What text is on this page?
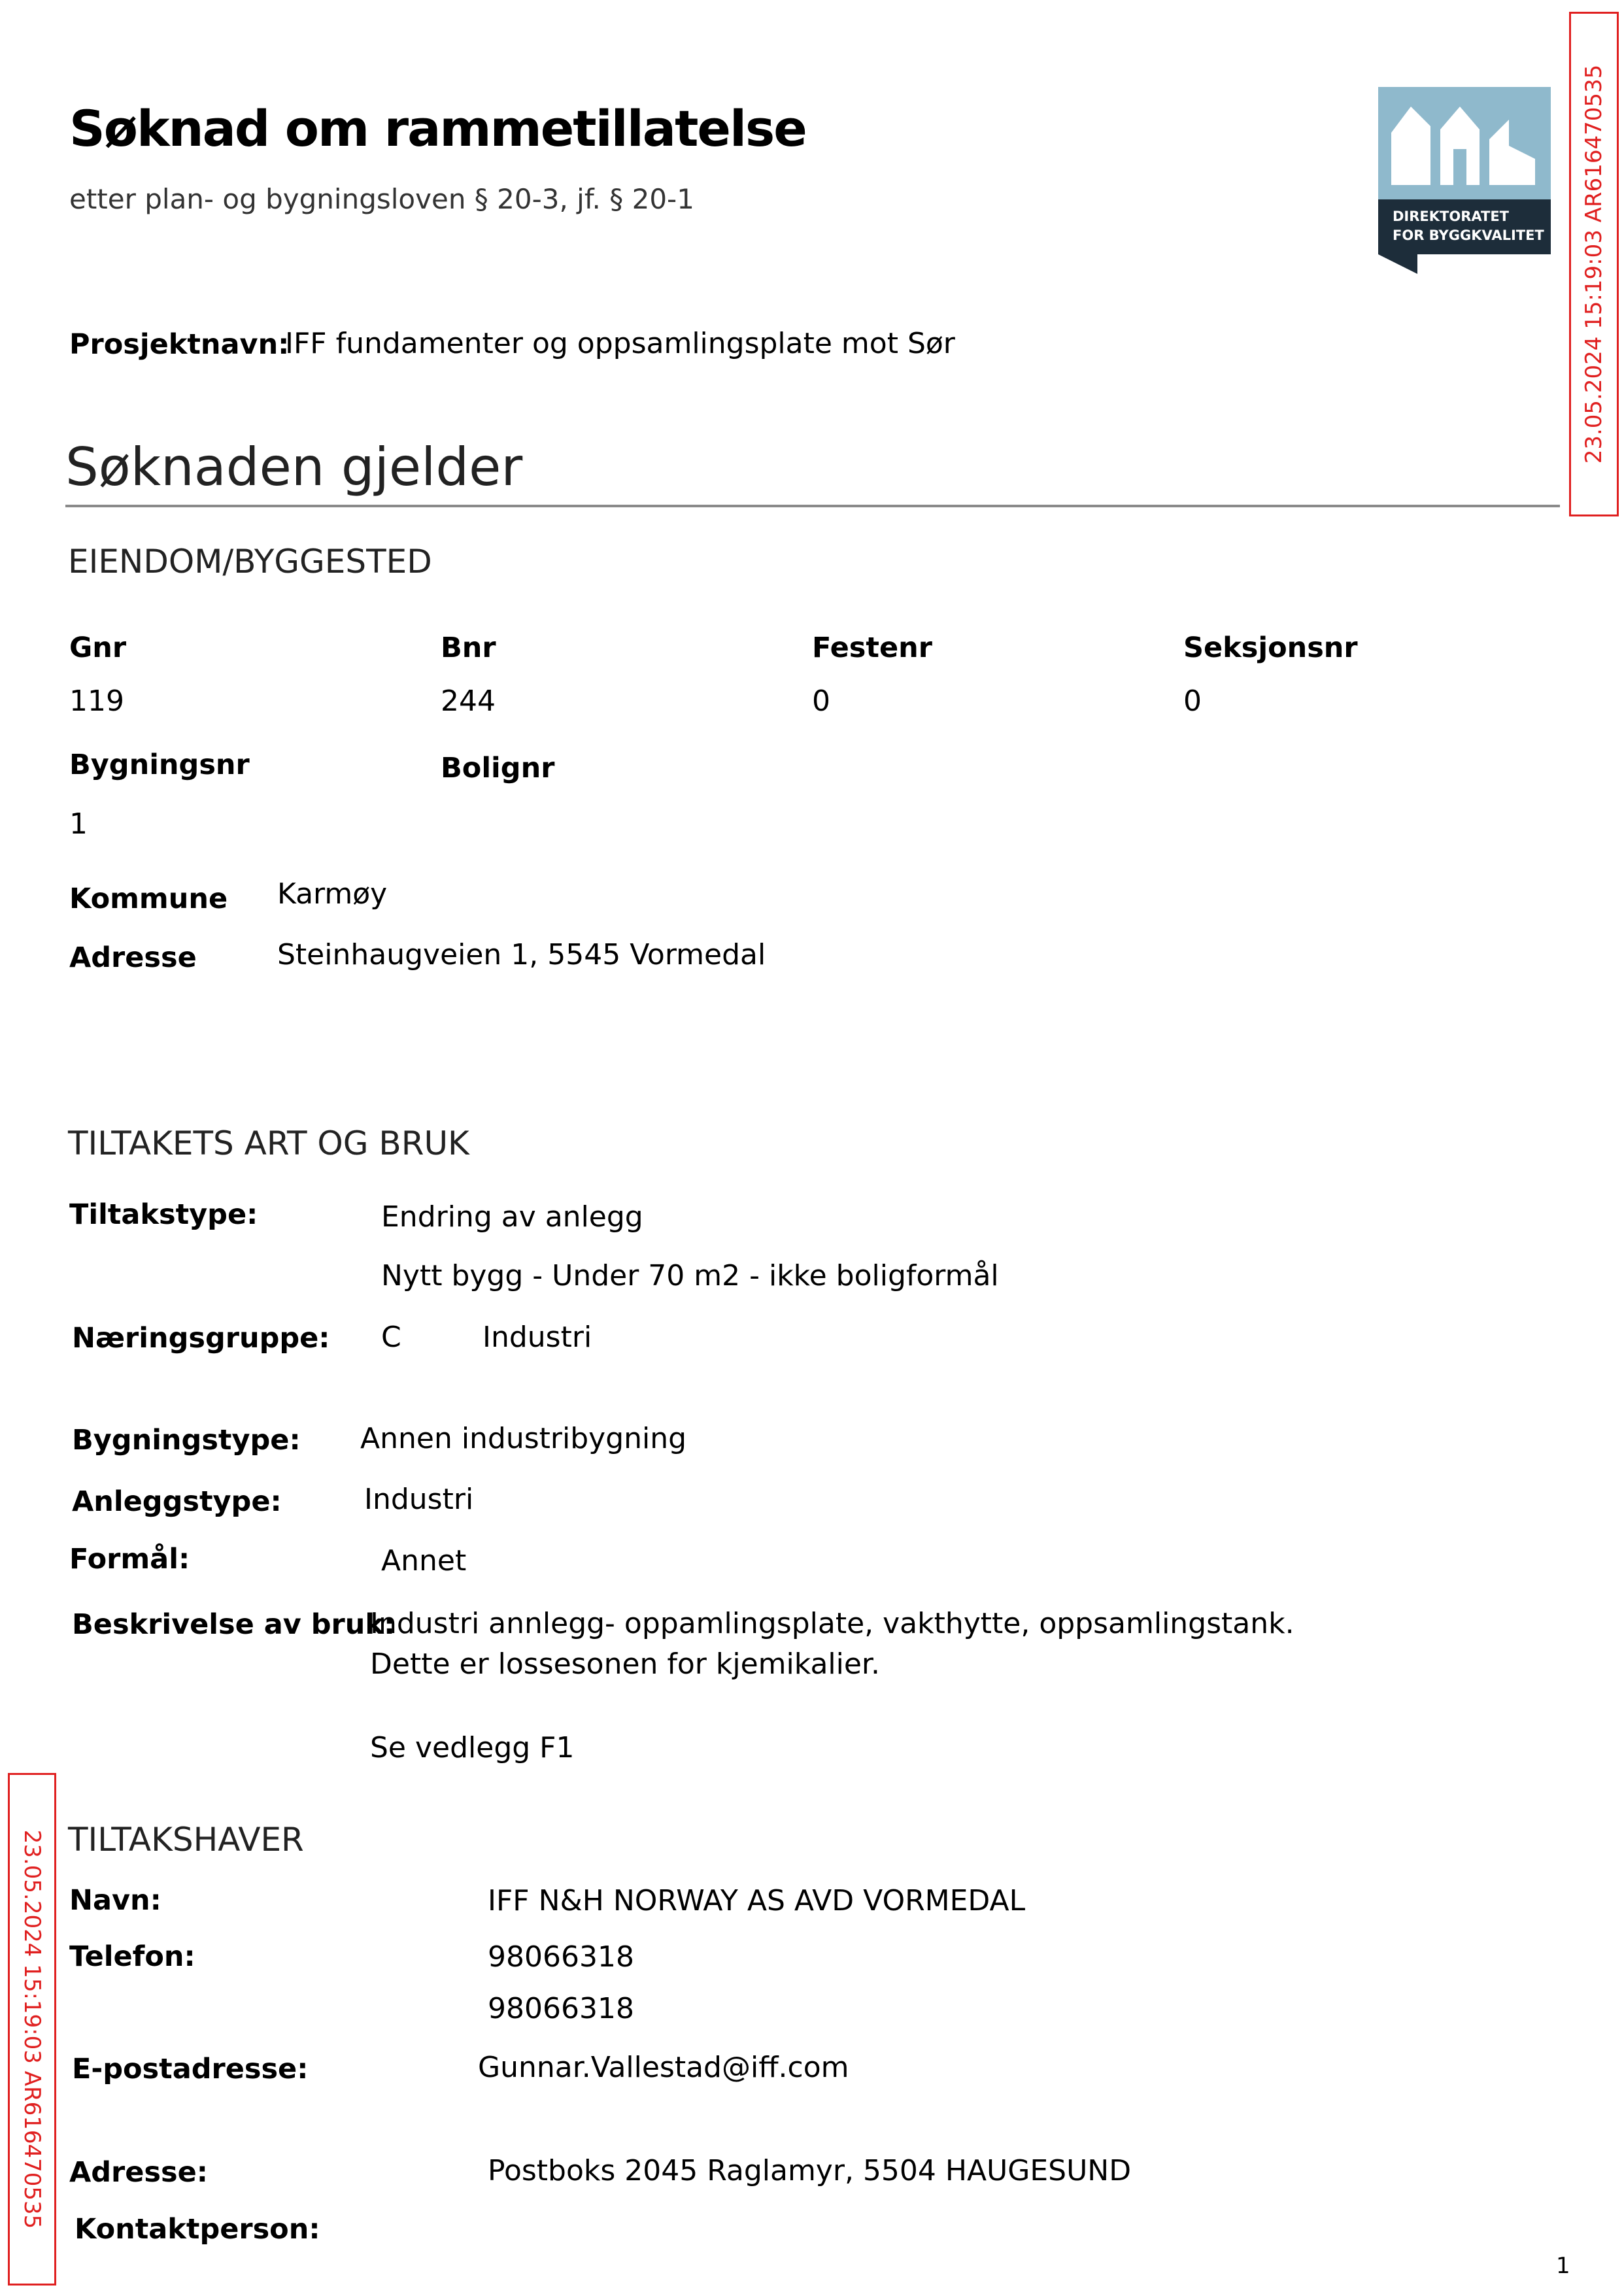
Søknad om rammetillatelse
etter plan- og bygningsloven § 20-3, jf. § 20-1
DIREKTORATET
FOR BYGGKVALITET
Prosjektnavn:
IFF fundamenter og oppsamlingsplate mot Sør
Søknaden gjelder
EIENDOM/BYGGESTED
Gnr
119
Bnr
244
Festenr
0
Seksjonsnr
0
Bygningsnr
1
Bolignr
Kommune Karmøy
Adresse	Steinhaugveien 1, 5545 Vormedal
TILTAKETS ART OG BRUK
Tiltakstype:	Endring av anlegg
Nytt bygg - Under 70 m2 - ikke boligformål
Næringsgruppe: C	Industri
Bygningstype: Annen industribygning
Anleggstype:	Industri
Formål:	Annet
Beskrivelse av bruk:
Industri annlegg- oppamlingsplate, vakthytte, oppsamlingstank.
Dette er lossesonen for kjemikalier.
Se vedlegg F1
TILTAKSHAVER
Navn:	IFF N&H NORWAY AS AVD VORMEDAL
Telefon:	98066318
98066318
E-postadresse:	Gunnar.Vallestad@iff.com
Adresse:	Postboks 2045 Raglamyr, 5504 HAUGESUND
Kontaktperson:
23.05.2024 15:19:03 AR616470535
23.05.2024 15:19:03 AR616470535
1
